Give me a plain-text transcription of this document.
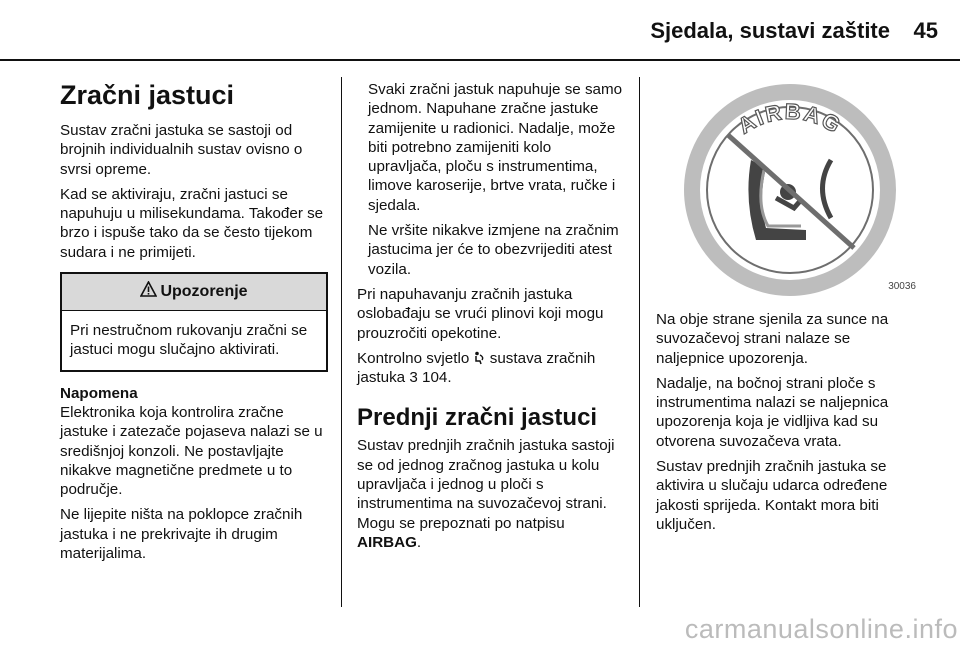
Sjedala, sustavi zaštite	45
Zračni jastuci

Sustav zračni jastuka se sastoji od brojnih individualnih sustav ovisno o svrsi opreme.

Kad se aktiviraju, zračni jastuci se napuhuju u milisekundama. Također se brzo i ispuše tako da se često tijekom sudara i ne primijeti.

Upozorenje
Pri nestručnom rukovanju zračni se jastuci mogu slučajno aktivirati.
Napomena

Elektronika koja kontrolira zračne jastuke i zatezače pojaseva nalazi se u središnjoj konzoli. Ne postavljajte nikakve magnetične predmete u to područje.

Ne lijepite ništa na poklopce zračnih jastuka i ne prekrivajte ih drugim materijalima.

Svaki zračni jastuk napuhuje se samo jednom. Napuhane zračne jastuke zamijenite u radionici. Nadalje, može biti potrebno zamijeniti kolo upravljača, ploču s instrumentima, limove karoserije, brtve vrata, ručke i sjedala.

Ne vršite nikakve izmjene na zračnim jastucima jer će to obezvrijediti atest vozila.

Pri napuhavanju zračnih jastuka oslobađaju se vrući plinovi koji mogu prouzročiti opekotine.

Kontrolno svjetlo sustava zračnih jastuka 3 104.

Prednji zračni jastuci

Sustav prednjih zračnih jastuka sastoji se od jednog zračnog jastuka u kolu upravljača i jednog u ploči s instrumentima na suvozačevoj strani. Mogu se prepoznati po natpisu AIRBAG.

AIRBAG
30036

Na obje strane sjenila za sunce na suvozačevoj strani nalaze se naljepnice upozorenja.

Nadalje, na bočnoj strani ploče s instrumentima nalazi se naljepnica upozorenja koja je vidljiva kad su otvorena suvozačeva vrata.

Sustav prednjih zračnih jastuka se aktivira u slučaju udarca određene jakosti sprijeda. Kontakt mora biti uključen.

carmanualsonline.info
